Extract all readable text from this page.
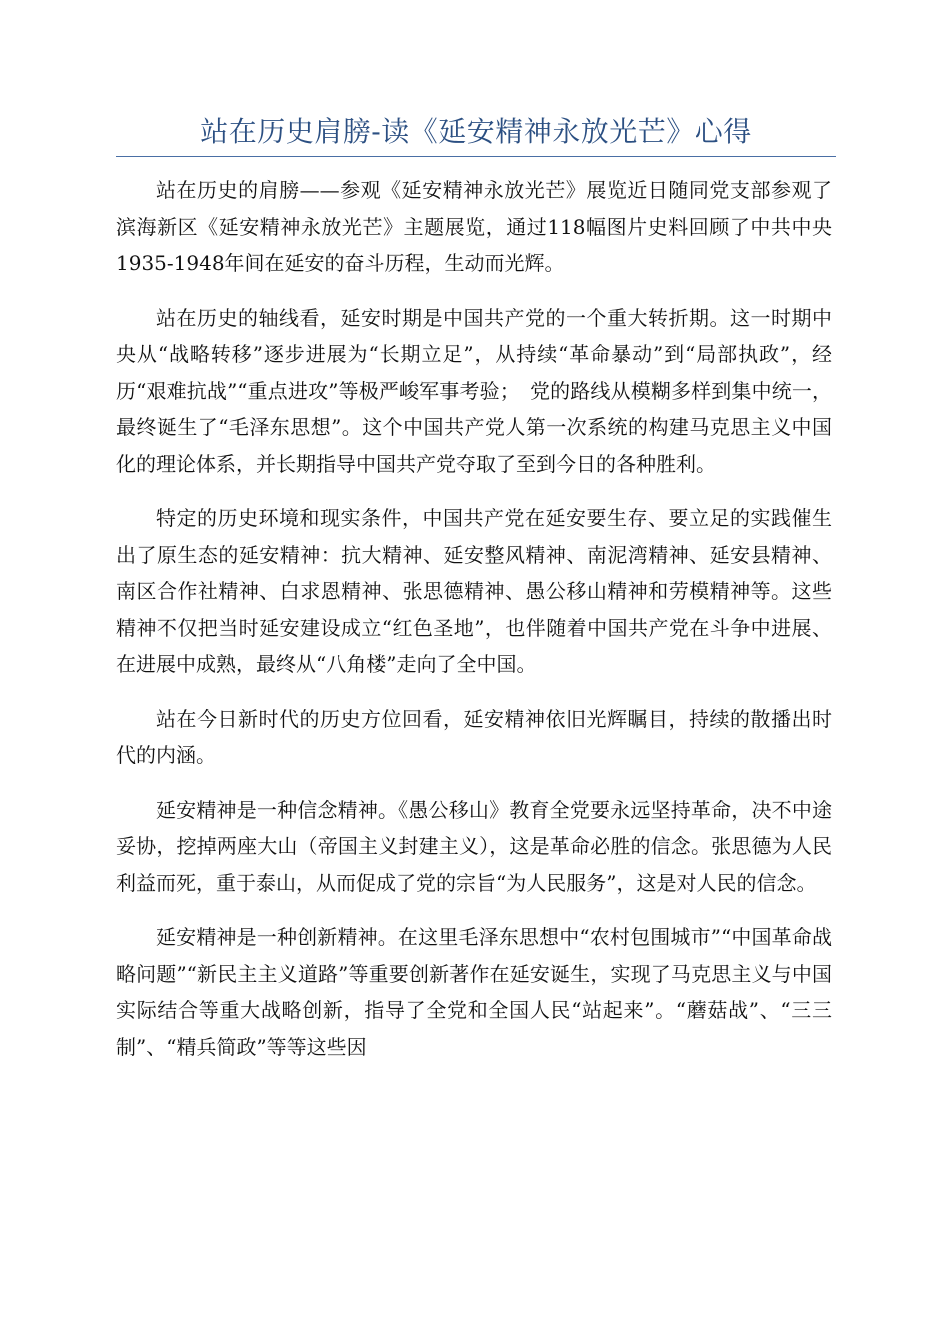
站在历史肩膀-读《延安精神永放光芒》心得

站在历史的肩膀——参观《延安精神永放光芒》展览近日随同党支部参观了滨海新区《延安精神永放光芒》主题展览，通过118幅图片史料回顾了中共中央1935-1948年间在延安的奋斗历程，生动而光辉。

站在历史的轴线看，延安时期是中国共产党的一个重大转折期。这一时期中央从“战略转移”逐步进展为“长期立足”，从持续“革命暴动”到“局部执政”，经历“艰难抗战”“重点进攻”等极严峻军事考验；　党的路线从模糊多样到集中统一，最终诞生了“毛泽东思想”。这个中国共产党人第一次系统的构建马克思主义中国化的理论体系，并长期指导中国共产党夺取了至到今日的各种胜利。

特定的历史环境和现实条件，中国共产党在延安要生存、要立足的实践催生出了原生态的延安精神：抗大精神、延安整风精神、南泥湾精神、延安县精神、南区合作社精神、白求恩精神、张思德精神、愚公移山精神和劳模精神等。这些精神不仅把当时延安建设成立“红色圣地”，也伴随着中国共产党在斗争中进展、在进展中成熟，最终从“八角楼”走向了全中国。

站在今日新时代的历史方位回看，延安精神依旧光辉瞩目，持续的散播出时代的内涵。

延安精神是一种信念精神。《愚公移山》教育全党要永远坚持革命，决不中途妥协，挖掉两座大山（帝国主义封建主义），这是革命必胜的信念。张思德为人民利益而死，重于泰山，从而促成了党的宗旨“为人民服务”，这是对人民的信念。

延安精神是一种创新精神。在这里毛泽东思想中“农村包围城市”“中国革命战略问题”“新民主主义道路”等重要创新著作在延安诞生，实现了马克思主义与中国实际结合等重大战略创新，指导了全党和全国人民“站起来”。“蘑菇战”、“三三制”、“精兵简政”等等这些因
